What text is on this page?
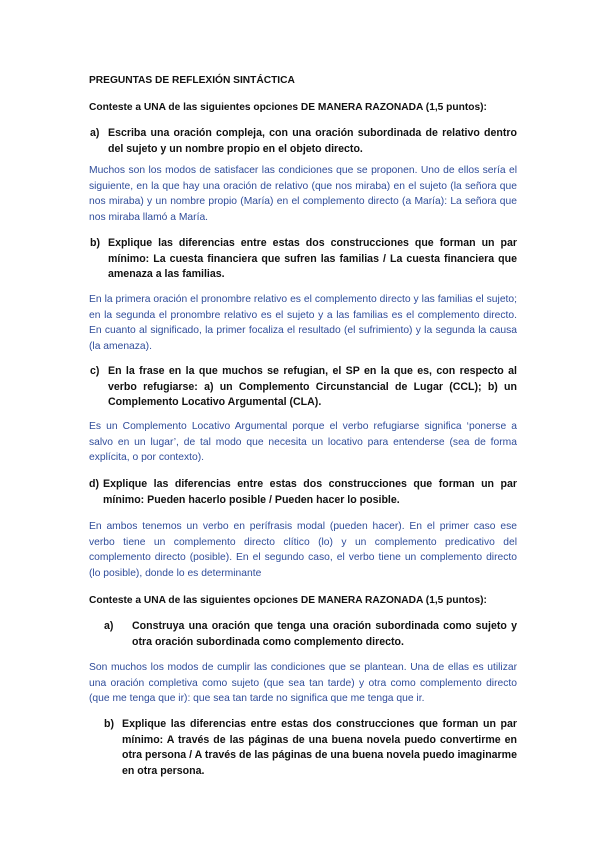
PREGUNTAS DE REFLEXIÓN SINTÁCTICA

Conteste a UNA de las siguientes opciones DE MANERA RAZONADA (1,5 puntos):

a) Escriba una oración compleja, con una oración subordinada de relativo dentro del sujeto y un nombre propio en el objeto directo.

Muchos son los modos de satisfacer las condiciones que se proponen. Uno de ellos sería el siguiente, en la que hay una oración de relativo (que nos miraba) en el sujeto (la señora que nos miraba) y un nombre propio (María) en el complemento directo (a María): La señora que nos miraba llamó a María.

b) Explique las diferencias entre estas dos construcciones que forman un par mínimo: La cuesta financiera que sufren las familias / La cuesta financiera que amenaza a las familias.

En la primera oración el pronombre relativo es el complemento directo y las familias el sujeto; en la segunda el pronombre relativo es el sujeto y a las familias es el complemento directo. En cuanto al significado, la primer focaliza el resultado (el sufrimiento) y la segunda la causa (la amenaza).

c) En la frase en la que muchos se refugian, el SP en la que es, con respecto al verbo refugiarse: a) un Complemento Circunstancial de Lugar (CCL); b) un Complemento Locativo Argumental (CLA).

Es un Complemento Locativo Argumental porque el verbo refugiarse significa ‘ponerse a salvo en un lugar’, de tal modo que necesita un locativo para entenderse (sea de forma explícita, o por contexto).

d) Explique las diferencias entre estas dos construcciones que forman un par mínimo: Pueden hacerlo posible / Pueden hacer lo posible.

En ambos tenemos un verbo en perífrasis modal (pueden hacer). En el primer caso ese verbo tiene un complemento directo clítico (lo) y un complemento predicativo del complemento directo (posible). En el segundo caso, el verbo tiene un complemento directo (lo posible), donde lo es determinante

Conteste a UNA de las siguientes opciones DE MANERA RAZONADA (1,5 puntos):

a)	Construya una oración que tenga una oración subordinada como sujeto y otra oración subordinada como complemento directo.

Son muchos los modos de cumplir las condiciones que se plantean. Una de ellas es utilizar una oración completiva como sujeto (que sea tan tarde) y otra como complemento directo (que me tenga que ir): que sea tan tarde no significa que me tenga que ir.

b) Explique las diferencias entre estas dos construcciones que forman un par mínimo: A través de las páginas de una buena novela puedo convertirme en otra persona / A través de las páginas de una buena novela puedo imaginarme en otra persona.
